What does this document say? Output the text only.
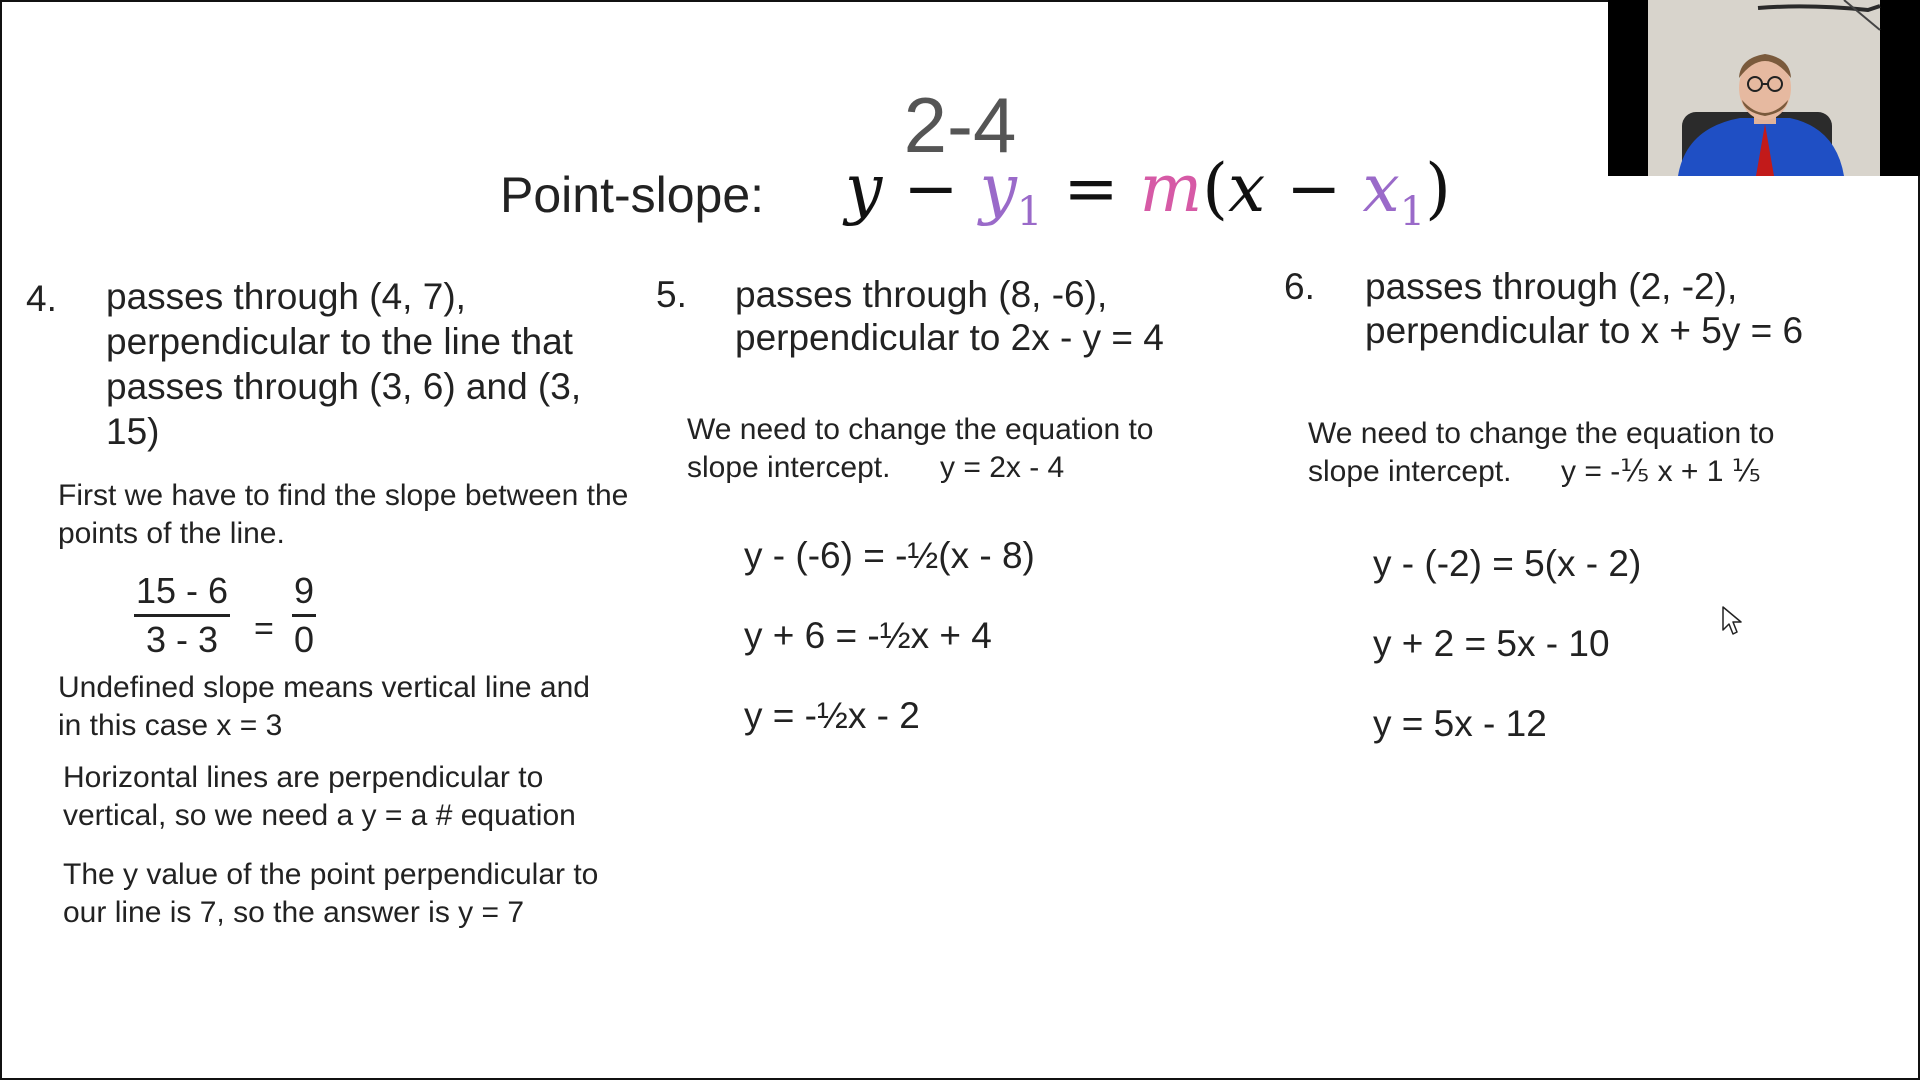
2-4
Point-slope: $y - y_1 = m(x - x_1)$
4. passes through (4, 7), perpendicular to the line that passes through (3, 6) and (3, 15)
First we have to find the slope between the points of the line.
$\frac{15 - 6}{3 - 3} = \frac{9}{0}$
Undefined slope means vertical line and in this case x = 3
Horizontal lines are perpendicular to vertical, so we need a y = a # equation
The y value of the point perpendicular to our line is 7, so the answer is y = 7
5. passes through (8, -6),
perpendicular to 2x - y = 4
We need to change the equation to
slope intercept. y = 2x - 4
y - (-6) = -½(x - 8)
y + 6 = -½x + 4
y = -½x - 2
6. passes through (2, -2),
perpendicular to x + 5y = 6
We need to change the equation to
slope intercept. y = -⅕ x + 1 ⅕
y - (-2) = 5(x - 2)
y + 2 = 5x - 10
y = 5x - 12
